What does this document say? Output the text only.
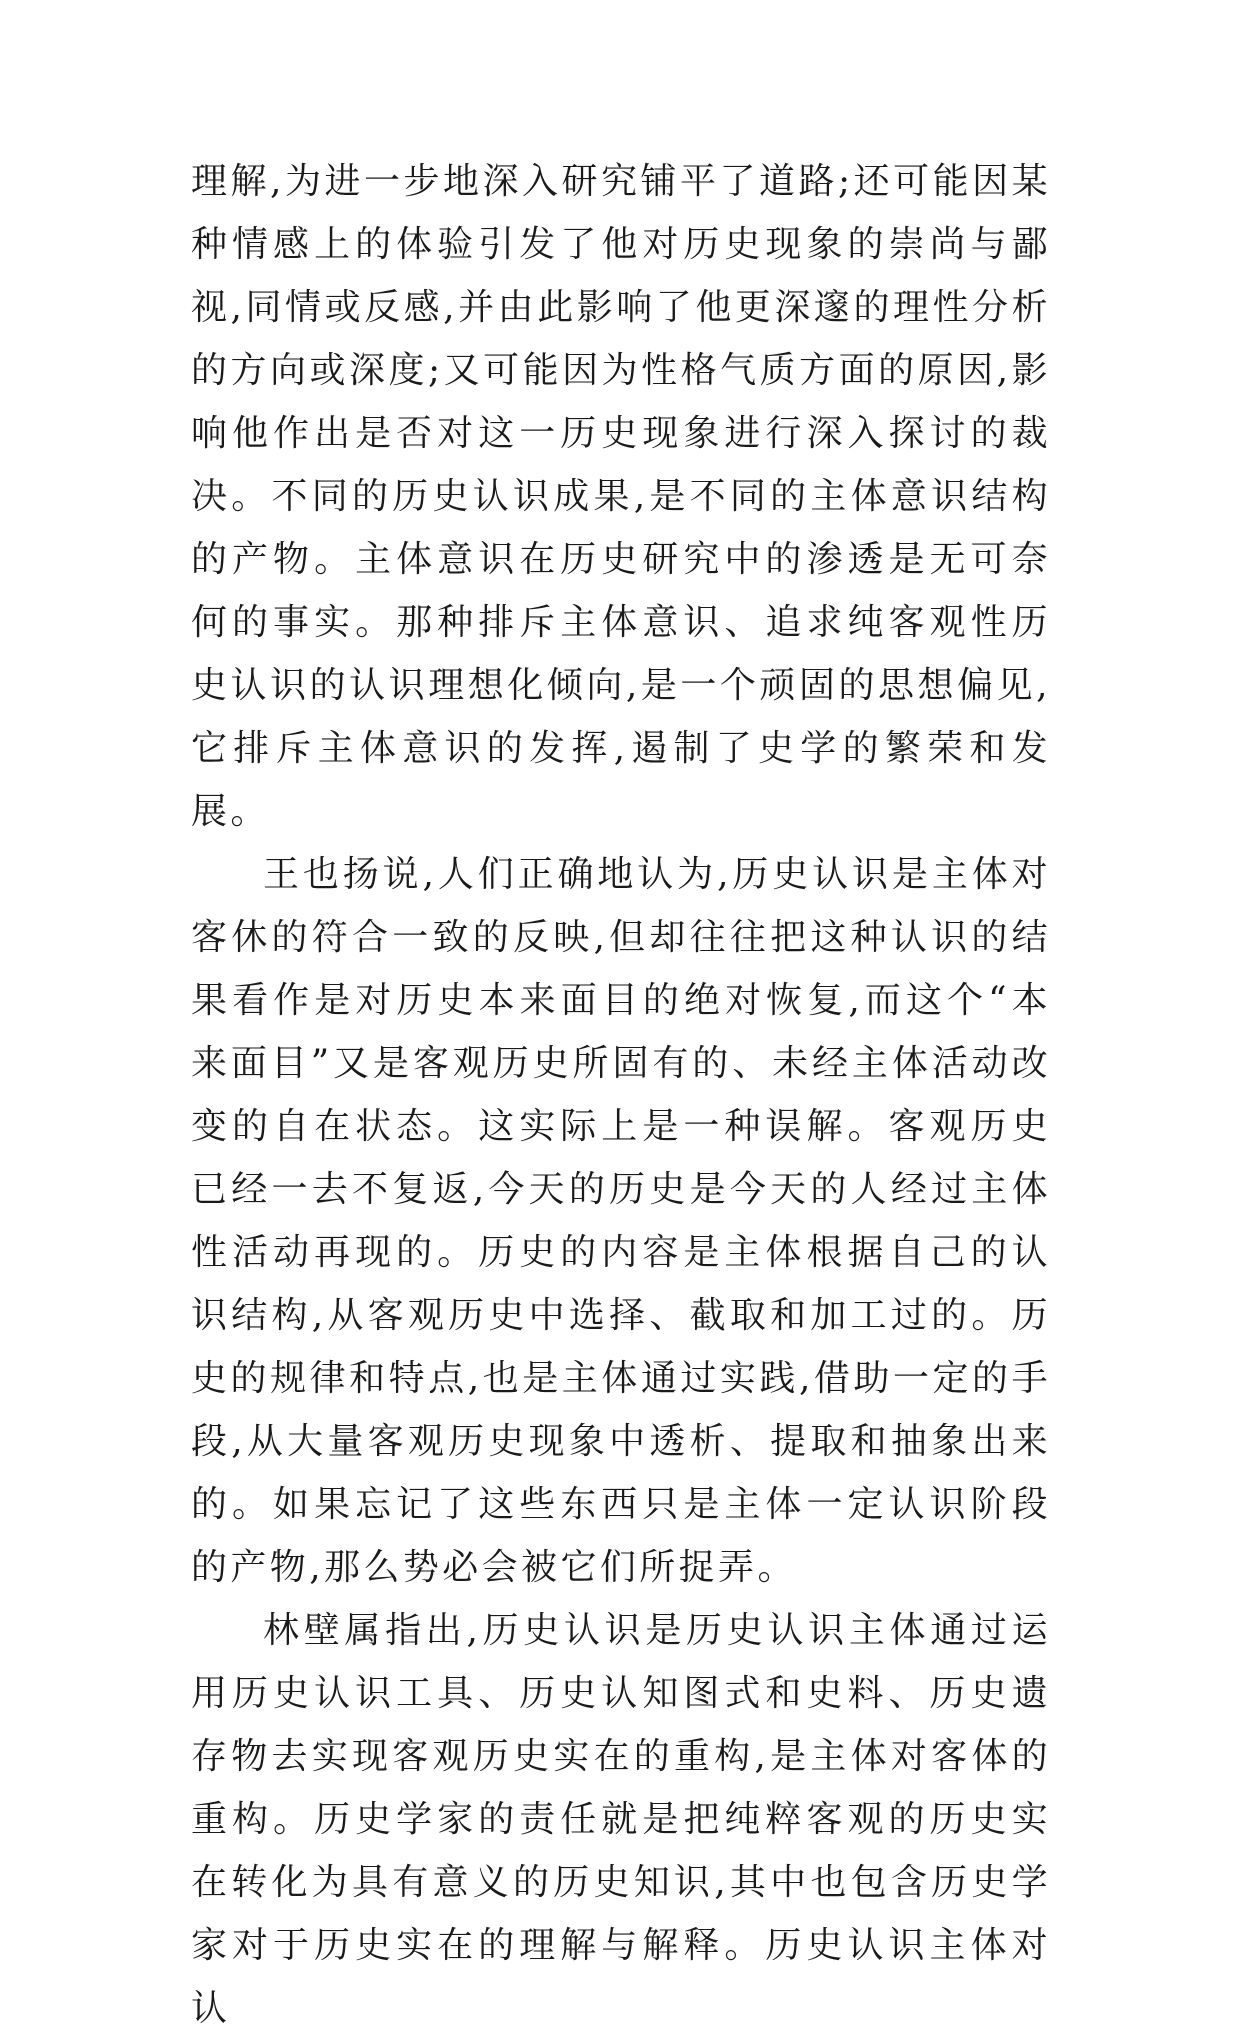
理解,为进一步地深入研究铺平了道路;还可能因某种情感上的体验引发了他对历史现象的崇尚与鄙视,同情或反感,并由此影响了他更深邃的理性分析的方向或深度;又可能因为性格气质方面的原因,影响他作出是否对这一历史现象进行深入探讨的裁决。不同的历史认识成果,是不同的主体意识结构的产物。主体意识在历史研究中的渗透是无可奈何的事实。那种排斥主体意识、追求纯客观性历史认识的认识理想化倾向,是一个顽固的思想偏见,它排斥主体意识的发挥,遏制了史学的繁荣和发展。

王也扬说,人们正确地认为,历史认识是主体对客休的符合一致的反映,但却往往把这种认识的结果看作是对历史本来面目的绝对恢复,而这个“本来面目”又是客观历史所固有的、未经主体活动改变的自在状态。这实际上是一种误解。客观历史已经一去不复返,今天的历史是今天的人经过主体性活动再现的。历史的内容是主体根据自己的认识结构,从客观历史中选择、截取和加工过的。历史的规律和特点,也是主体通过实践,借助一定的手段,从大量客观历史现象中透析、提取和抽象出来的。如果忘记了这些东西只是主体一定认识阶段的产物,那么势必会被它们所捉弄。

林壁属指出,历史认识是历史认识主体通过运用历史认识工具、历史认知图式和史料、历史遗存物去实现客观历史实在的重构,是主体对客体的重构。历史学家的责任就是把纯粹客观的历史实在转化为具有意义的历史知识,其中也包含历史学家对于历史实在的理解与解释。历史认识主体对认
